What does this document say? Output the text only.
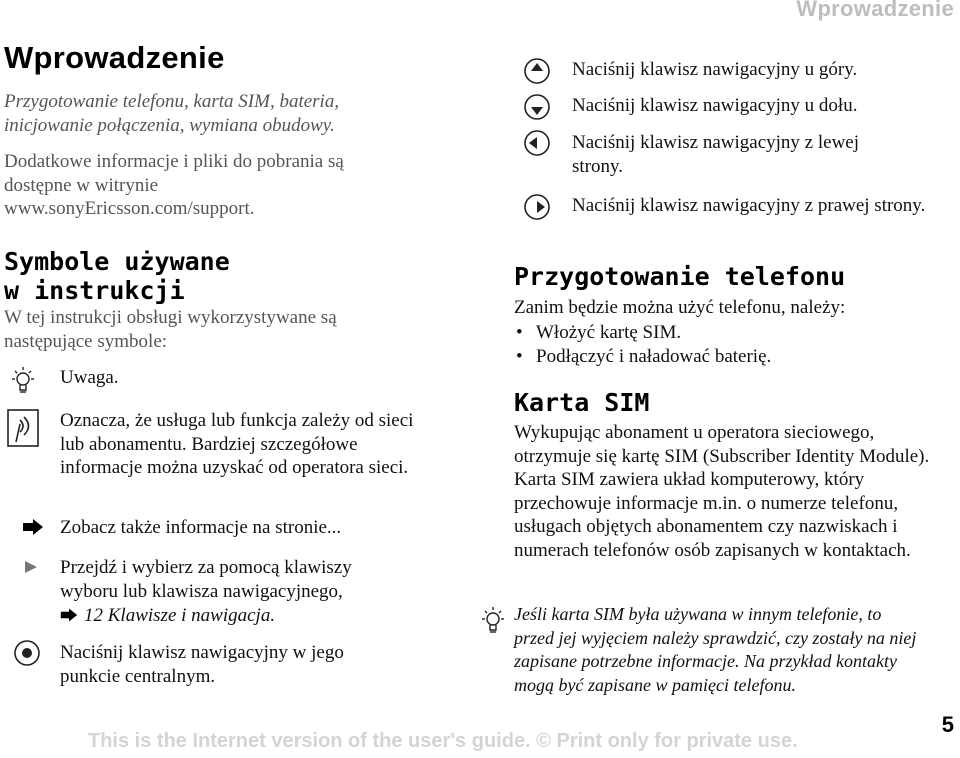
Wprowadzenie
Wprowadzenie
Przygotowanie telefonu, karta SIM, bateria, inicjowanie połączenia, wymiana obudowy.
Dodatkowe informacje i pliki do pobrania są dostępne w witrynie www.sonyEricsson.com/support.
Symbole używane
w instrukcji
W tej instrukcji obsługi wykorzystywane są następujące symbole:
Uwaga.
Oznacza, że usługa lub funkcja zależy od sieci lub abonamentu. Bardziej szczegółowe informacje można uzyskać od operatora sieci.
Zobacz także informacje na stronie...
Przejdź i wybierz za pomocą klawiszy wyboru lub klawisza nawigacyjnego,
12 Klawisze i nawigacja.
Naciśnij klawisz nawigacyjny w jego punkcie centralnym.
Naciśnij klawisz nawigacyjny u góry.
Naciśnij klawisz nawigacyjny u dołu.
Naciśnij klawisz nawigacyjny z lewej strony.
Naciśnij klawisz nawigacyjny z prawej strony.
Przygotowanie telefonu
Zanim będzie można użyć telefonu, należy:
• Włożyć kartę SIM.
• Podłączyć i naładować baterię.
Karta SIM
Wykupując abonament u operatora sieciowego, otrzymuje się kartę SIM (Subscriber Identity Module). Karta SIM zawiera układ komputerowy, który przechowuje informacje m.in. o numerze telefonu, usługach objętych abonamentem czy nazwiskach i numerach telefonów osób zapisanych w kontaktach.
Jeśli karta SIM była używana w innym telefonie, to przed jej wyjęciem należy sprawdzić, czy zostały na niej zapisane potrzebne informacje. Na przykład kontakty mogą być zapisane w pamięci telefonu.
5
This is the Internet version of the user's guide. © Print only for private use.
